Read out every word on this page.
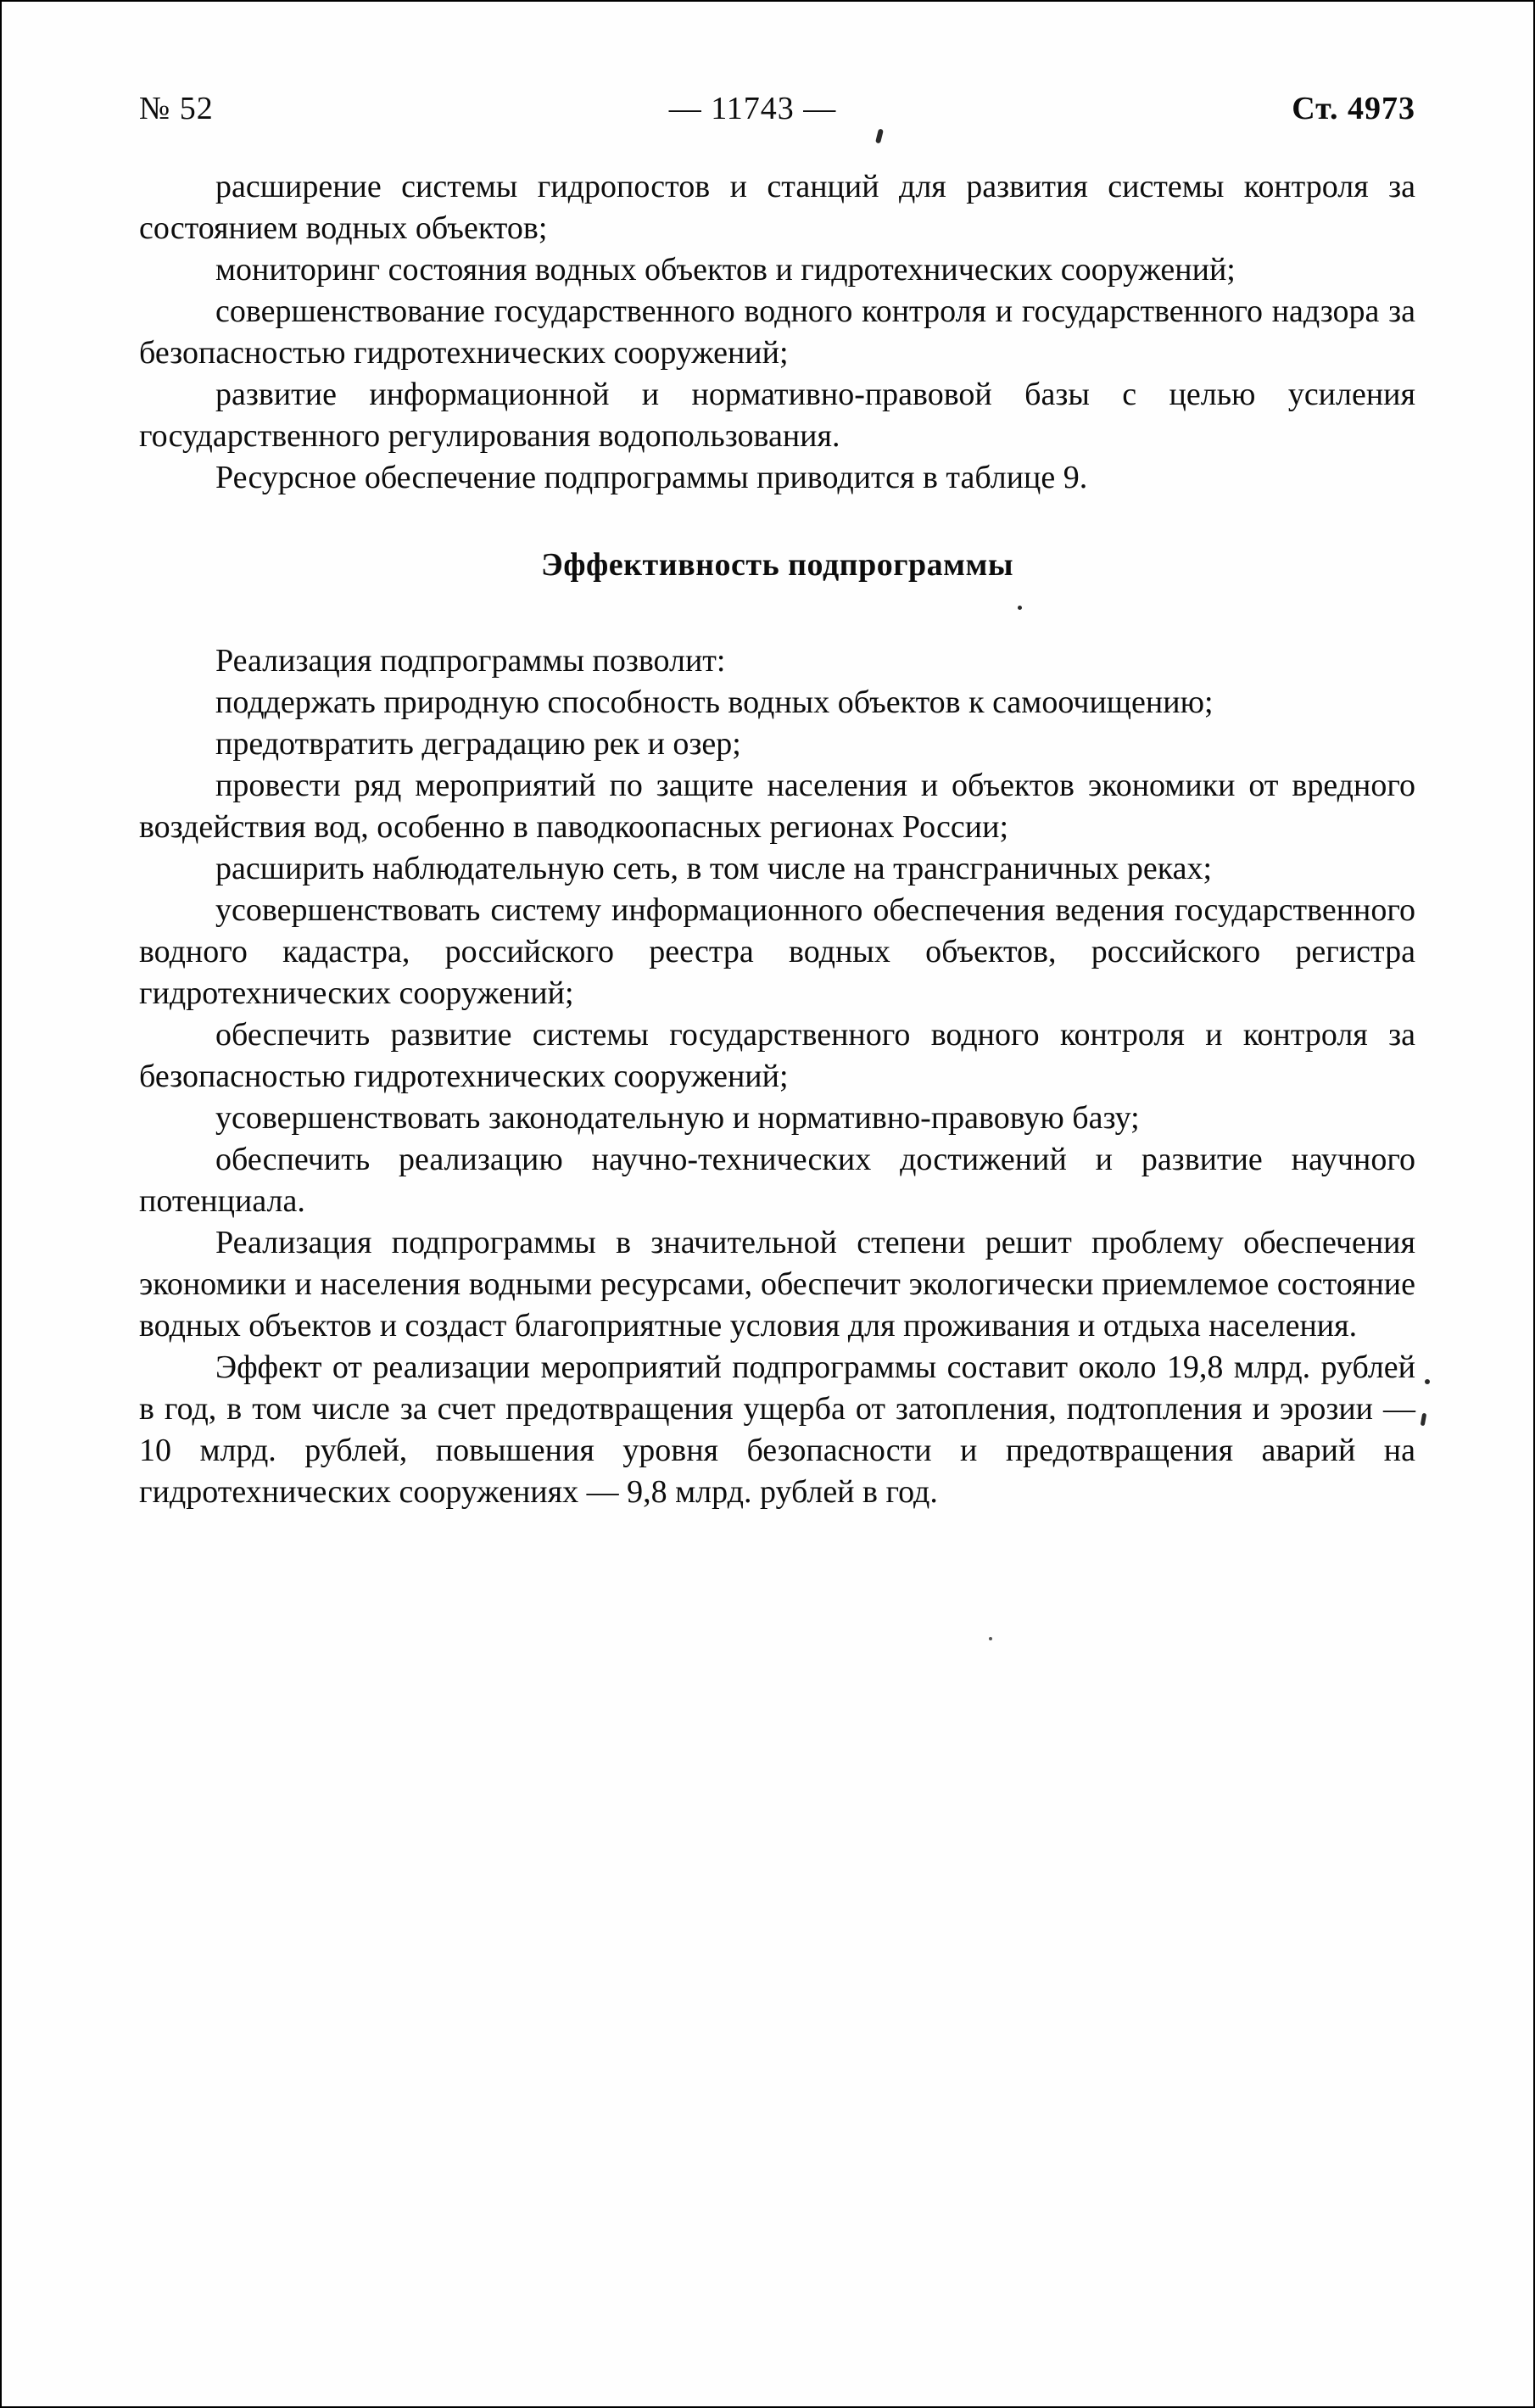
№ 52	— 11743 —	Ст. 4973

расширение системы гидропостов и станций для развития системы контроля за состоянием водных объектов;

мониторинг состояния водных объектов и гидротехнических сооружений;

совершенствование государственного водного контроля и государственного надзора за безопасностью гидротехнических сооружений;

развитие информационной и нормативно-правовой базы с целью усиления государственного регулирования водопользования.

Ресурсное обеспечение подпрограммы приводится в таблице 9.

Эффективность подпрограммы

Реализация подпрограммы позволит:

поддержать природную способность водных объектов к самоочищению;

предотвратить деградацию рек и озер;

провести ряд мероприятий по защите населения и объектов экономики от вредного воздействия вод, особенно в паводкоопасных регионах России;

расширить наблюдательную сеть, в том числе на трансграничных реках;

усовершенствовать систему информационного обеспечения ведения государственного водного кадастра, российского реестра водных объектов, российского регистра гидротехнических сооружений;

обеспечить развитие системы государственного водного контроля и контроля за безопасностью гидротехнических сооружений;

усовершенствовать законодательную и нормативно-правовую базу;

обеспечить реализацию научно-технических достижений и развитие научного потенциала.

Реализация подпрограммы в значительной степени решит проблему обеспечения экономики и населения водными ресурсами, обеспечит экологически приемлемое состояние водных объектов и создаст благоприятные условия для проживания и отдыха населения.

Эффект от реализации мероприятий подпрограммы составит около 19,8 млрд. рублей в год, в том числе за счет предотвращения ущерба от затопления, подтопления и эрозии — 10 млрд. рублей, повышения уровня безопасности и предотвращения аварий на гидротехнических сооружениях — 9,8 млрд. рублей в год.
